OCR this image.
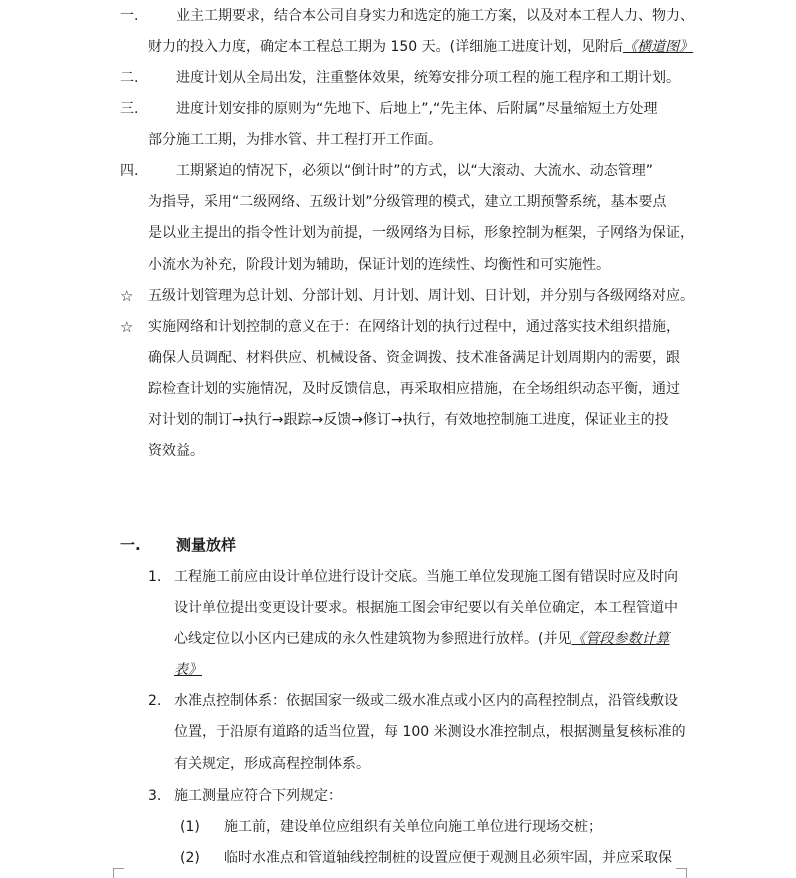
一.	业主工期要求，结合本公司自身实力和选定的施工方案，以及对本工程人力、物力、
财力的投入力度，确定本工程总工期为 150 天。(详细施工进度计划，见附后《横道图》
二.	进度计划从全局出发，注重整体效果，统筹安排分项工程的施工程序和工期计划。
三.	进度计划安排的原则为“先地下、后地上”,“先主体、后附属”尽量缩短土方处理
部分施工工期，为排水管、井工程打开工作面。
四.	工期紧迫的情况下，必须以“倒计时”的方式，以“大滚动、大流水、动态管理”
为指导，采用“二级网络、五级计划”分级管理的模式，建立工期预警系统，基本要点
是以业主提出的指令性计划为前提，一级网络为目标，形象控制为框架，子网络为保证，
小流水为补充，阶段计划为辅助，保证计划的连续性、均衡性和可实施性。
☆ 五级计划管理为总计划、分部计划、月计划、周计划、日计划，并分别与各级网络对应。
☆ 实施网络和计划控制的意义在于：在网络计划的执行过程中，通过落实技术组织措施，
确保人员调配、材料供应、机械设备、资金调拨、技术准备满足计划周期内的需要，跟
踪检查计划的实施情况，及时反馈信息，再采取相应措施，在全场组织动态平衡，通过
对计划的制订→执行→跟踪→反馈→修订→执行，有效地控制施工进度，保证业主的投
资效益。
一. 测量放样
1. 工程施工前应由设计单位进行设计交底。当施工单位发现施工图有错误时应及时向
设计单位提出变更设计要求。根据施工图会审纪要以有关单位确定，本工程管道中
心线定位以小区内已建成的永久性建筑物为参照进行放样。(并见《管段参数计算
表》
2. 水准点控制体系：依据国家一级或二级水准点或小区内的高程控制点，沿管线敷设
位置，于沿原有道路的适当位置，每 100 米测设水准控制点，根据测量复核标准的
有关规定，形成高程控制体系。
3. 施工测量应符合下列规定：
(1) 施工前，建设单位应组织有关单位向施工单位进行现场交桩；
(2) 临时水准点和管道轴线控制桩的设置应便于观测且必须牢固，并应采取保
